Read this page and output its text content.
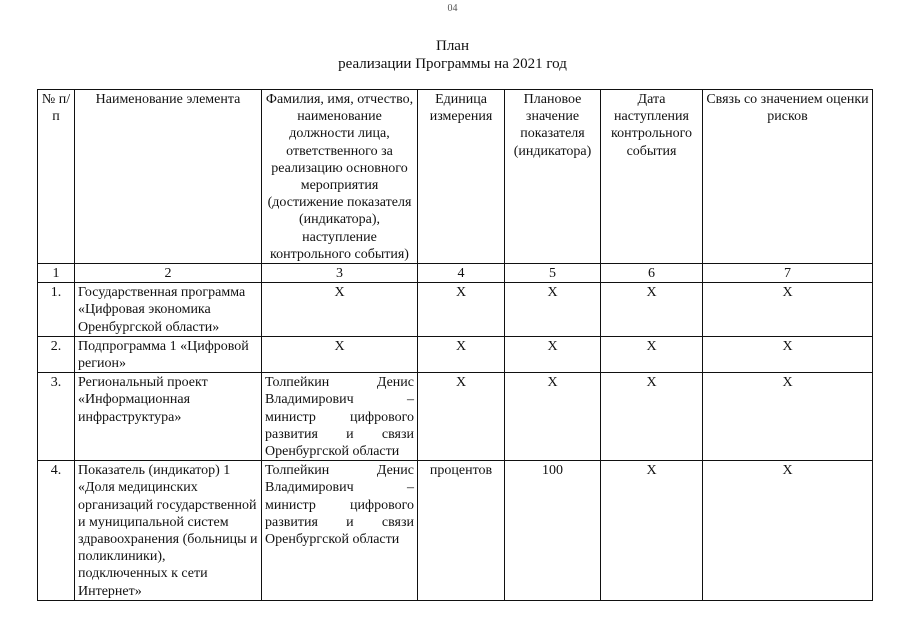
04
План
реализации Программы на 2021 год
№ п/п	Наименование элемента	Фамилия, имя, отчество, наименование должности лица, ответственного за реализацию основного мероприятия (достижение показателя (индикатора), наступление контрольного события)	Единица измерения	Плановое значение показателя (индикатора)	Дата наступления контрольного события	Связь со значением оценки рисков
1	2	3	4	5	6	7
1.	Государственная программа «Цифровая экономика Оренбургской области»	X	X	X	X	X
2.	Подпрограмма 1 «Цифровой регион»	X	X	X	X	X
3.	Региональный проект «Информационная инфраструктура»	Толпейкин Денис Владимирович – министр цифрового развития и связи Оренбургской области	X	X	X	X
4.	Показатель (индикатор) 1 «Доля медицинских организаций государственной и муниципальной систем здравоохранения (больницы и поликлиники), подключенных к сети Интернет»	Толпейкин Денис Владимирович – министр цифрового развития и связи Оренбургской области	процентов	100	X	X
